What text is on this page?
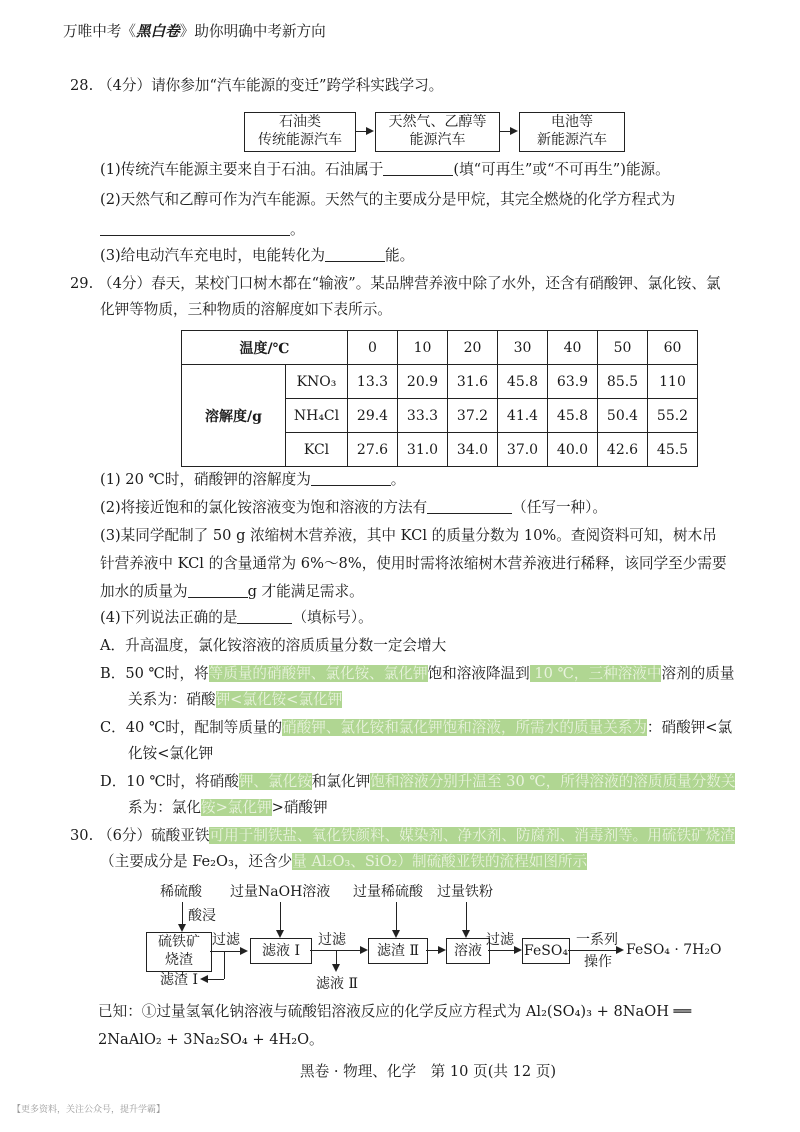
万唯中考《黑白卷》助你明确中考新方向
28. （4分）请你参加“汽车能源的变迁”跨学科实践学习。
石油类
传统能源汽车
天然气、乙醇等
能源汽车
电池等
新能源汽车
(1)传统汽车能源主要来自于石油。石油属于	(填“可再生”或“不可再生”)能源。
(2)天然气和乙醇可作为汽车能源。天然气的主要成分是甲烷，其完全燃烧的化学方程式为
。
(3)给电动汽车充电时，电能转化为	能。
29. （4分）春天，某校门口树木都在“输液”。某品牌营养液中除了水外，还含有硝酸钾、氯化铵、氯
化钾等物质，三种物质的溶解度如下表所示。
温度/℃		0	10	20	30	40	50	60
溶解度/g	KNO₃	13.3	20.9	31.6	45.8	63.9	85.5	110
	NH₄Cl	29.4	33.3	37.2	41.4	45.8	50.4	55.2
	KCl	27.6	31.0	34.0	37.0	40.0	42.6	45.5
(1) 20 ℃时，硝酸钾的溶解度为	。
(2)将接近饱和的氯化铵溶液变为饱和溶液的方法有	（任写一种）。
(3)某同学配制了 50 g 浓缩树木营养液，其中 KCl 的质量分数为 10%。查阅资料可知，树木吊
针营养液中 KCl 的含量通常为 6%～8%，使用时需将浓缩树木营养液进行稀释，该同学至少需要
加水的质量为	g 才能满足需求。
(4)下列说法正确的是	（填标号）。
A．升高温度，氯化铵溶液的溶质质量分数一定会增大
B．50 ℃时，将等质量的硝酸钾、氯化铵、氯化钾饱和溶液降温到 10 ℃，三种溶液中溶剂的质量
关系为：硝酸钾<氯化铵<氯化钾
C．40 ℃时，配制等质量的硝酸钾、氯化铵和氯化钾饱和溶液，所需水的质量关系为：硝酸钾<氯
化铵<氯化钾
D．10 ℃时，将硝酸钾、氯化铵和氯化钾饱和溶液分别升温至 30 ℃，所得溶液的溶质质量分数关
系为：氯化铵>氯化钾>硝酸钾
30. （6分）硫酸亚铁可用于制铁盐、氧化铁颜料、媒染剂、净水剂、防腐剂、消毒剂等。用硫铁矿烧渣
（主要成分是 Fe₂O₃，还含少量 Al₂O₃、SiO₂）制硫酸亚铁的流程如图所示
稀硫酸
酸浸
硫铁矿
烧渣
过滤
滤渣 Ⅰ
过量NaOH溶液
滤液 Ⅰ
过滤
滤液 Ⅱ
过量稀硫酸
滤渣 Ⅱ
过量铁粉
溶液
过滤
FeSO₄
一系列
操作
FeSO₄ · 7H₂O
已知：①过量氢氧化钠溶液与硫酸铝溶液反应的化学反应方程式为 Al₂(SO₄)₃ + 8NaOH ══
2NaAlO₂ + 3Na₂SO₄ + 4H₂O。
黑卷 · 物理、化学　第 10 页(共 12 页)
【更多资料，关注公众号，提升学霸】
